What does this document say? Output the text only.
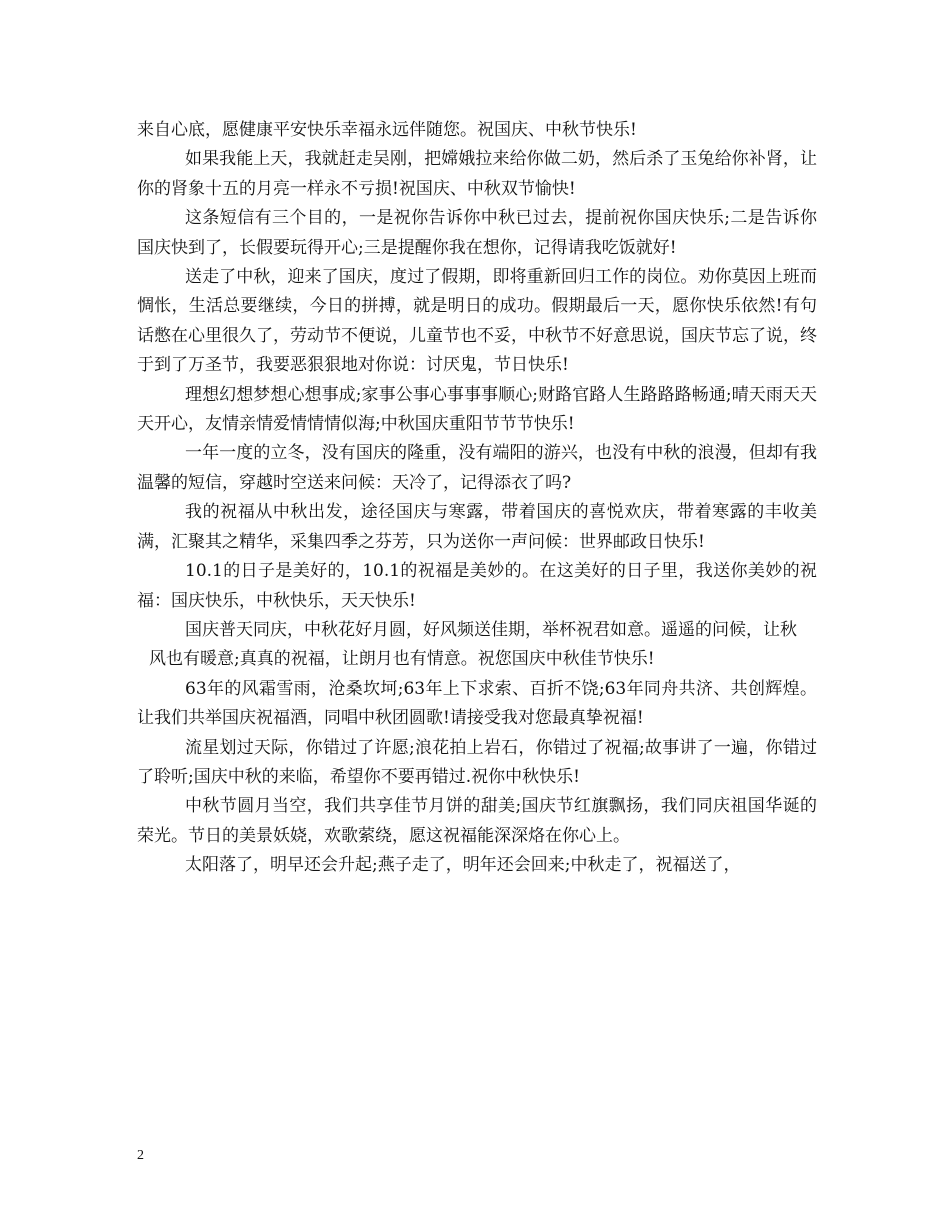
来自心底，愿健康平安快乐幸福永远伴随您。祝国庆、中秋节快乐!

如果我能上天，我就赶走吴刚，把嫦娥拉来给你做二奶，然后杀了玉兔给你补肾，让你的肾象十五的月亮一样永不亏损!祝国庆、中秋双节愉快!

这条短信有三个目的，一是祝你告诉你中秋已过去，提前祝你国庆快乐;二是告诉你国庆快到了，长假要玩得开心;三是提醒你我在想你，记得请我吃饭就好!

送走了中秋，迎来了国庆，度过了假期，即将重新回归工作的岗位。劝你莫因上班而惆怅，生活总要继续，今日的拼搏，就是明日的成功。假期最后一天，愿你快乐依然!有句话憋在心里很久了，劳动节不便说，儿童节也不妥，中秋节不好意思说，国庆节忘了说，终于到了万圣节，我要恶狠狠地对你说：讨厌鬼，节日快乐!

理想幻想梦想心想事成;家事公事心事事事顺心;财路官路人生路路路畅通;晴天雨天天天开心，友情亲情爱情情情似海;中秋国庆重阳节节节快乐!

一年一度的立冬，没有国庆的隆重，没有端阳的游兴，也没有中秋的浪漫，但却有我温馨的短信，穿越时空送来问候：天冷了，记得添衣了吗?

我的祝福从中秋出发，途径国庆与寒露，带着国庆的喜悦欢庆，带着寒露的丰收美满，汇聚其之精华，采集四季之芬芳，只为送你一声问候：世界邮政日快乐!

10.1的日子是美好的，10.1的祝福是美妙的。在这美好的日子里，我送你美妙的祝福：国庆快乐，中秋快乐，天天快乐!

国庆普天同庆，中秋花好月圆，好风频送佳期，举杯祝君如意。遥遥的问候，让秋

风也有暖意;真真的祝福，让朗月也有情意。祝您国庆中秋佳节快乐!

63年的风霜雪雨，沧桑坎坷;63年上下求索、百折不饶;63年同舟共济、共创辉煌。让我们共举国庆祝福酒，同唱中秋团圆歌!请接受我对您最真挚祝福!

流星划过天际，你错过了许愿;浪花拍上岩石，你错过了祝福;故事讲了一遍，你错过了聆听;国庆中秋的来临，希望你不要再错过.祝你中秋快乐!

中秋节圆月当空，我们共享佳节月饼的甜美;国庆节红旗飘扬，我们同庆祖国华诞的荣光。节日的美景妖娆，欢歌萦绕，愿这祝福能深深烙在你心上。

太阳落了，明早还会升起;燕子走了，明年还会回来;中秋走了，祝福送了，

2
